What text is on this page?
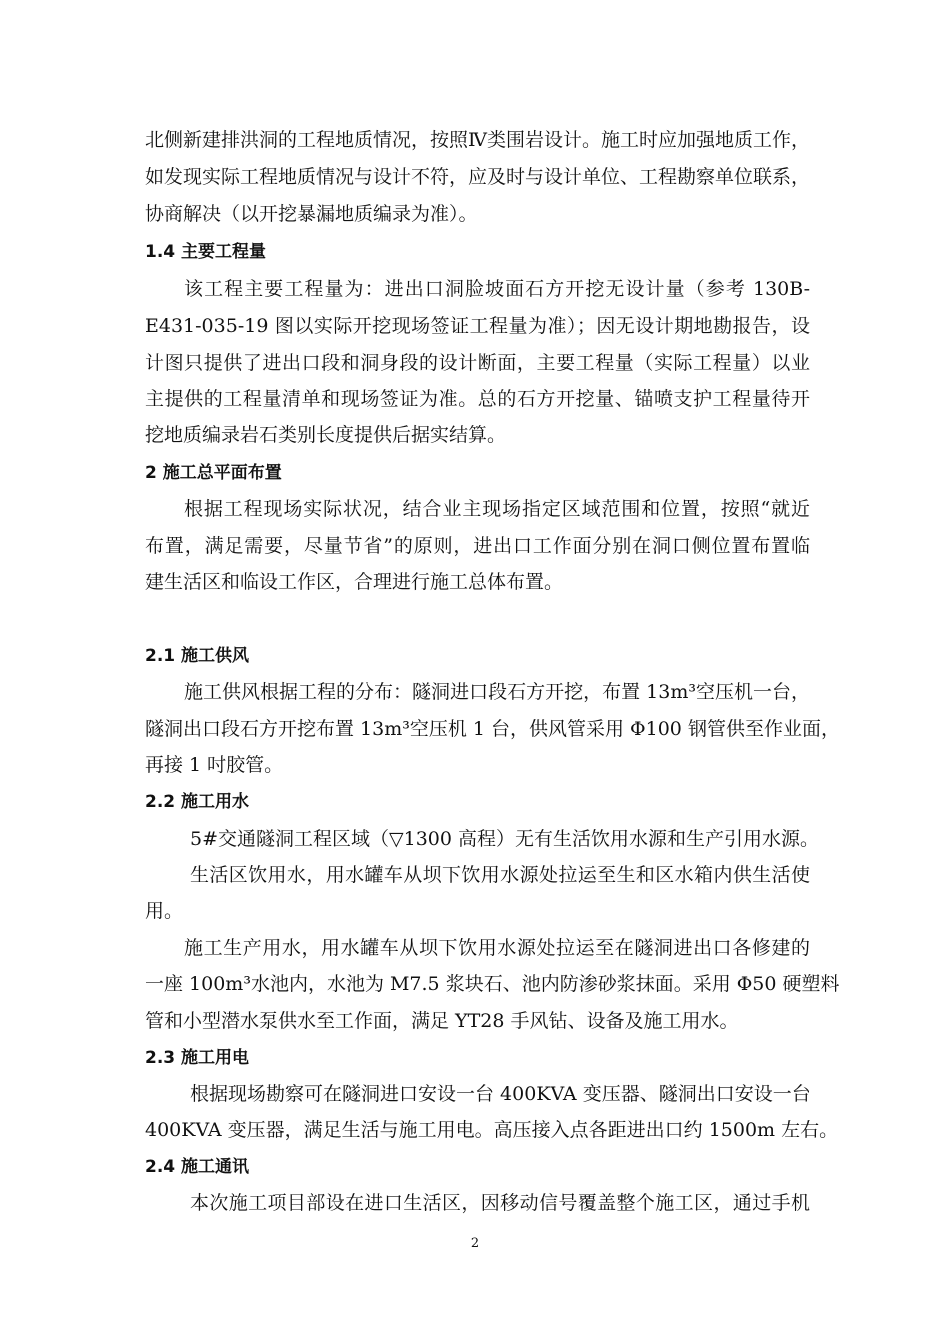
北侧新建排洪洞的工程地质情况，按照Ⅳ类围岩设计。施工时应加强地质工作，
如发现实际工程地质情况与设计不符，应及时与设计单位、工程勘察单位联系，
协商解决（以开挖暴漏地质编录为准）。
1.4 主要工程量
该工程主要工程量为：进出口洞脸坡面石方开挖无设计量（参考 130B-
E431-035-19 图以实际开挖现场签证工程量为准）；因无设计期地勘报告，设
计图只提供了进出口段和洞身段的设计断面，主要工程量（实际工程量）以业
主提供的工程量清单和现场签证为准。总的石方开挖量、锚喷支护工程量待开
挖地质编录岩石类别长度提供后据实结算。
2 施工总平面布置
根据工程现场实际状况，结合业主现场指定区域范围和位置，按照“就近
布置，满足需要，尽量节省”的原则，进出口工作面分别在洞口侧位置布置临
建生活区和临设工作区，合理进行施工总体布置。
2.1 施工供风
施工供风根据工程的分布：隧洞进口段石方开挖，布置 13m³空压机一台，
隧洞出口段石方开挖布置 13m³空压机 1 台，供风管采用 Φ100 钢管供至作业面，
再接 1 吋胶管。
2.2 施工用水
5#交通隧洞工程区域（▽1300 高程）无有生活饮用水源和生产引用水源。
生活区饮用水，用水罐车从坝下饮用水源处拉运至生和区水箱内供生活使
用。
施工生产用水，用水罐车从坝下饮用水源处拉运至在隧洞进出口各修建的
一座 100m³水池内，水池为 M7.5 浆块石、池内防渗砂浆抹面。采用 Φ50 硬塑料
管和小型潜水泵供水至工作面，满足 YT28 手风钻、设备及施工用水。
2.3 施工用电
根据现场勘察可在隧洞进口安设一台 400KVA 变压器、隧洞出口安设一台
400KVA 变压器，满足生活与施工用电。高压接入点各距进出口约 1500m 左右。
2.4 施工通讯
本次施工项目部设在进口生活区，因移动信号覆盖整个施工区，通过手机
2
